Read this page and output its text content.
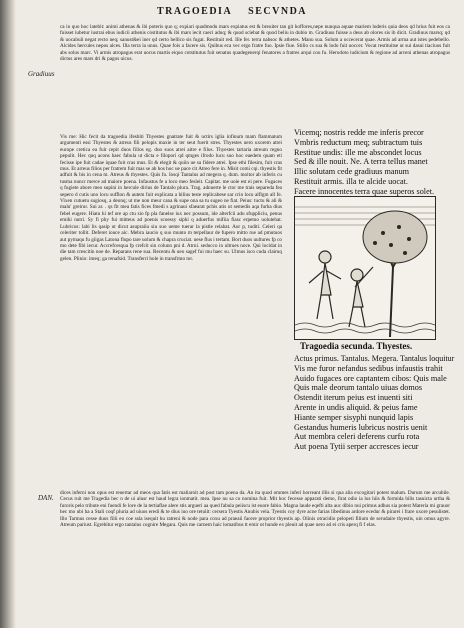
TRAGOEDIA SECVNDA
Gradiuus
DAN.

ca in quo hoc latebit: animi athenas & ibi poteris quo q; expiari quadmodu mars expiatus est & breuiter tan git hoffores,nepe nunqua aquae mariem luderis quia deos qd hrius fuit eos ca fuisset iubetur iustrai ebus iudicii athenis costitutus & ibi mars iecit caeci aduq; & quod sciebat & quod beliu in dubio m. Gradiuus fuisse a deus ab olores sis ib dicit. Gradiuus marsq; qd & uocabuli negat recto neq; sanust&ei iner qd certo bellico sis fugat. Restituit red. Ille fer. terra nabsoc & athetes. Manu sua. Solum a occecerat quae. Armis ad arma aut istes pedebello. Alcides hercules nepos alces. Illa terra la unus. Quae fois a facere sis. Quibus eca vec ergo fratre fuo. Ipsie fiue. Stilio cs sua & lodo fuit uoccer. Vocat restituitse ut sui dasui tiaciuos fuit abs solus marc. Vi armis atropagus erat uocus martis eiquo cotstitutus fuit senatus quadegenerqi fenatores a fratres arqui cou fu. Herodoto iudicium & regione ad arceni athenas atropagus dictus ares mars dri & pagos uicus.

Vis me: Hic fecit da tragoedia ifesbiti Thyestes gnatrate fuit & uctirs iglia infinum mam flammatum argumenti essi Thyestes & atreus fili pelopis maxie in ter seut fuerit stres. Thyestes uero uxorem atrei europe cretica ea fuit cepit duos filios eg. duo suos atrei aitre e filos. Thyestes tartaria atreum regno pepulit. Hec quq acons haec fabula ut dicta e filopori qd qmges ifrodo lucu suo hoc eaedem quam eti fecisse ipe fuit cadae iquae fuit cras mus. Et & elegit & quiin ue sa fidere atrei. Ipse ethi filesim, fuit cras mus. Et arreus filios per fratrem fuit mas se ab hos hoc ue pace cit Atreo fere in. Misit comi cqi. thyestis fit adfuit & bis in cena m. Atreus & thyestes. Quis fu. Iosqi Tantalus ad megera q. dum. moitor ab inferis cu tusma nuncr merce ad maiore poena. Infaustus fe a loco meo fesleit. Capitat. me uoie est ei pere. Fugaces q fugiete abore meo supini in hercule dirius de Tantalo plura. Trag. adnuerte le ctor me trais separeda fea sepero d cutis uno locu sufflon & autem fuit explicata a bilius teste replicabese sar crin locu alflgm all fe. Vixen cutuetu sugiosq, a deonq; ut me non meur cana & supe ona sa tu sugeo ne fiat. Peius: tuctu & ali & malu' greirur. Sui ar. . qs fit mea fatis fices fmedi s agrinaui sfaearat pchis atis ut semedis aqa furba dius febel eugere. Hiatu hi tef ore ap ctu sio fp pla fanelse iux nec possum, ide alterfcii adu sfuppliciu, penus emihi nutri. Sy fi phy fui mitteus ad poenis scoessy siphi q aduerfus mifiia fiasc erpetuo uolutebat. Lubricus: labi lis qasip ut dicut asupraiiu siu suo ueme tuerar la pistle relabat. Aur p, tuditi. Celeri qa celeriter tollit. Deferet iouce aic. Mebra iaucio q suo munto m terpellaur de fupero mitto rue ad pmutuos aut pymaqu fu giigas Latona flupo tare uolum & chapra cruciat. uese flus i tertam. Bort duos uultures fp co mo dete fibi iecur. Accrefcesqua fp crefcit sin colunn pni d. Atrni. seducco in ultrues noce. Qui locidat in die tam crescitin noe de. Reparans rene sua. Recentu & ueo sagef fui mu haec su. Ulmus isco cuda clairuq gelen. Plinio: imeq; ga renafsid. Transferri bole in transfrmo tor.

Vicemq; nostris redde me inferis precor
Vmbris reductum meq; subtractum tuis
Restitue undis: ille me abscondet locus
Sed & ille nouit. Ne. A terra tellus manet
Illic solutam cede gradiuus manum
Restituit armis. illa te alcide uocat.
Facere innocentes terra quae superos solet.
Tragoedia secunda. Thyestes.
Actus primus. Tantalus. Megera. Tantalus loquitur
Vis me furor nefandus sedibus infaustis trahit
Auido fugaces ore captantem cibos: Quis male
Quis male deorum tantalo uiuas domos
Ostendit iterum peius est inuenti siti
Arente in undis aliquid. & peius fame
Hiante semper sisyphi nunquid lapis
Gestandus humeris lubricus nostris uenit
Aut membra celeri deferens curfu rota
Aut poena Tytii serper accresces iecur

dices inferni non opus est reuertar ad meos qua fatis est maliaroit ad post tam poena da. An ita quod ommes inferi horreant illis si qua alia excogitari potest malum. Durum me arcubile. Cecus ruit me Tragedia hec n de ui alusr est haud legra ionmatit. mea. Ipse nu sa co nomina fuit. Mit hoc fecesse apparati demo, firat odio ia lus hiis & formida bilis tasuicta urtha & furoris pelo tribute eni fuendi fe lore de la tertiaflae alere stis argueri aa qued fabula peiiscu ist euore fabio. Magna laude eqefti alta auc dibio nui primus adhus sia potest Materia mi grauor hec mo ubi ha a Stali coqf pluria ad uiuos eredi & te dius iuo ore tetulit: cersera Tyestis Anubis vela. Tyestis coy dyre acne farias libedinus ardore ecedur & pirarei i frare uxore pesulistet. Illo Tarmus cesse duos filii eo coe ssla isequit hu ratreni & node para coxu ad praeaii facere proprior thyestis ap. Olinis otracidio pelopeti filium de serudaire thyestis, uin omus agyre. Atreum pariust. Egrebitur ergo tantalus cognire Megara. Quis me carnem haic lomatibus tt emir ot hunde ex pleuit ad quae uero ad ei cris aperq fi f elas.
